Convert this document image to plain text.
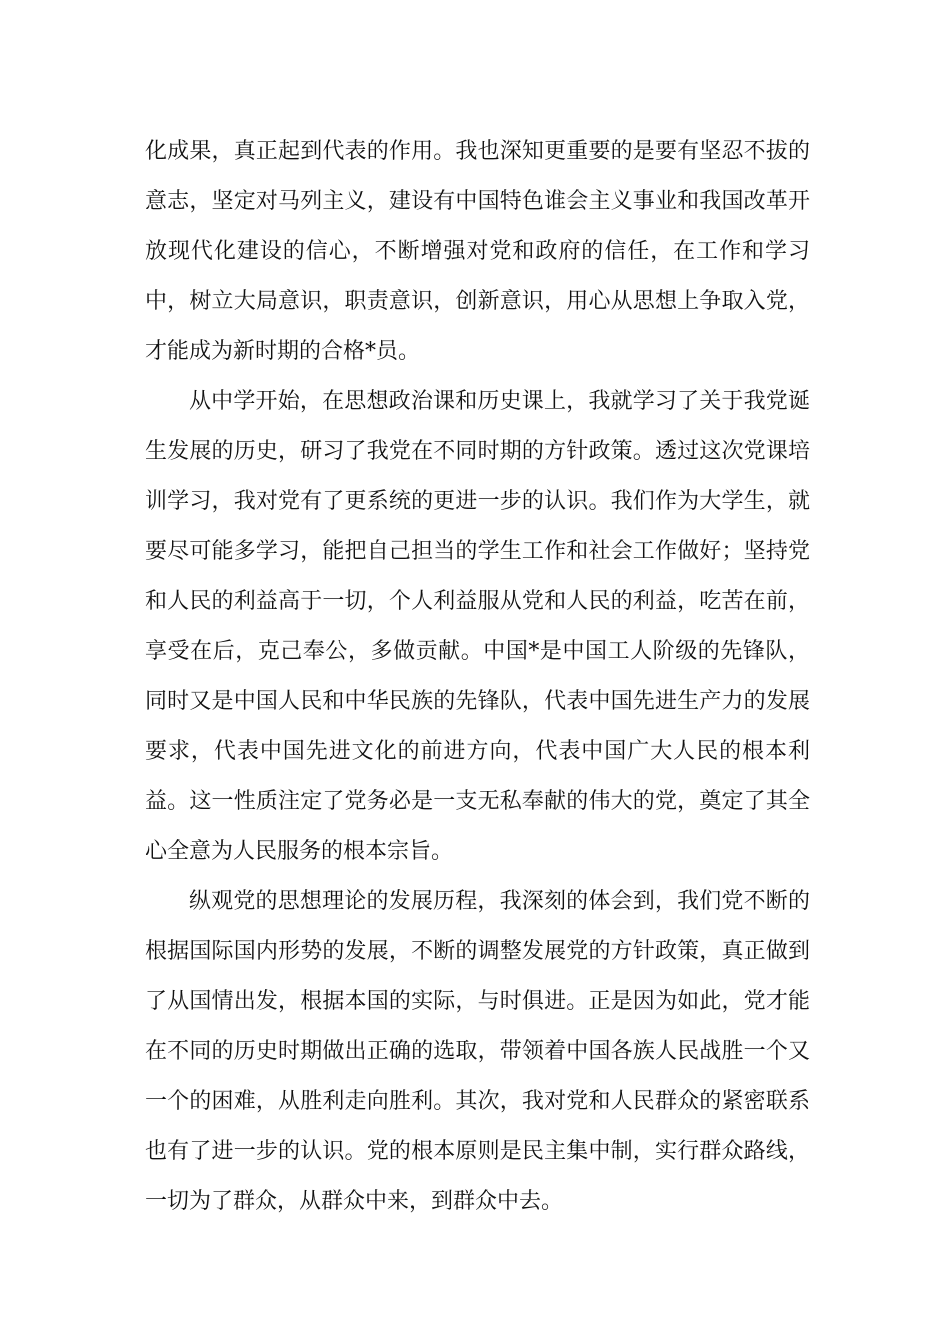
化成果，真正起到代表的作用。我也深知更重要的是要有坚忍不拔的意志，坚定对马列主义，建设有中国特色谁会主义事业和我国改革开放现代化建设的信心，不断增强对党和政府的信任，在工作和学习中，树立大局意识，职责意识，创新意识，用心从思想上争取入党，才能成为新时期的合格*员。

从中学开始，在思想政治课和历史课上，我就学习了关于我党诞生发展的历史，研习了我党在不同时期的方针政策。透过这次党课培训学习，我对党有了更系统的更进一步的认识。我们作为大学生，就要尽可能多学习，能把自己担当的学生工作和社会工作做好；坚持党和人民的利益高于一切，个人利益服从党和人民的利益，吃苦在前，享受在后，克己奉公，多做贡献。中国*是中国工人阶级的先锋队，同时又是中国人民和中华民族的先锋队，代表中国先进生产力的发展要求，代表中国先进文化的前进方向，代表中国广大人民的根本利益。这一性质注定了党务必是一支无私奉献的伟大的党，奠定了其全心全意为人民服务的根本宗旨。

纵观党的思想理论的发展历程，我深刻的体会到，我们党不断的根据国际国内形势的发展，不断的调整发展党的方针政策，真正做到了从国情出发，根据本国的实际，与时俱进。正是因为如此，党才能在不同的历史时期做出正确的选取，带领着中国各族人民战胜一个又一个的困难，从胜利走向胜利。其次，我对党和人民群众的紧密联系也有了进一步的认识。党的根本原则是民主集中制，实行群众路线，一切为了群众，从群众中来，到群众中去。
